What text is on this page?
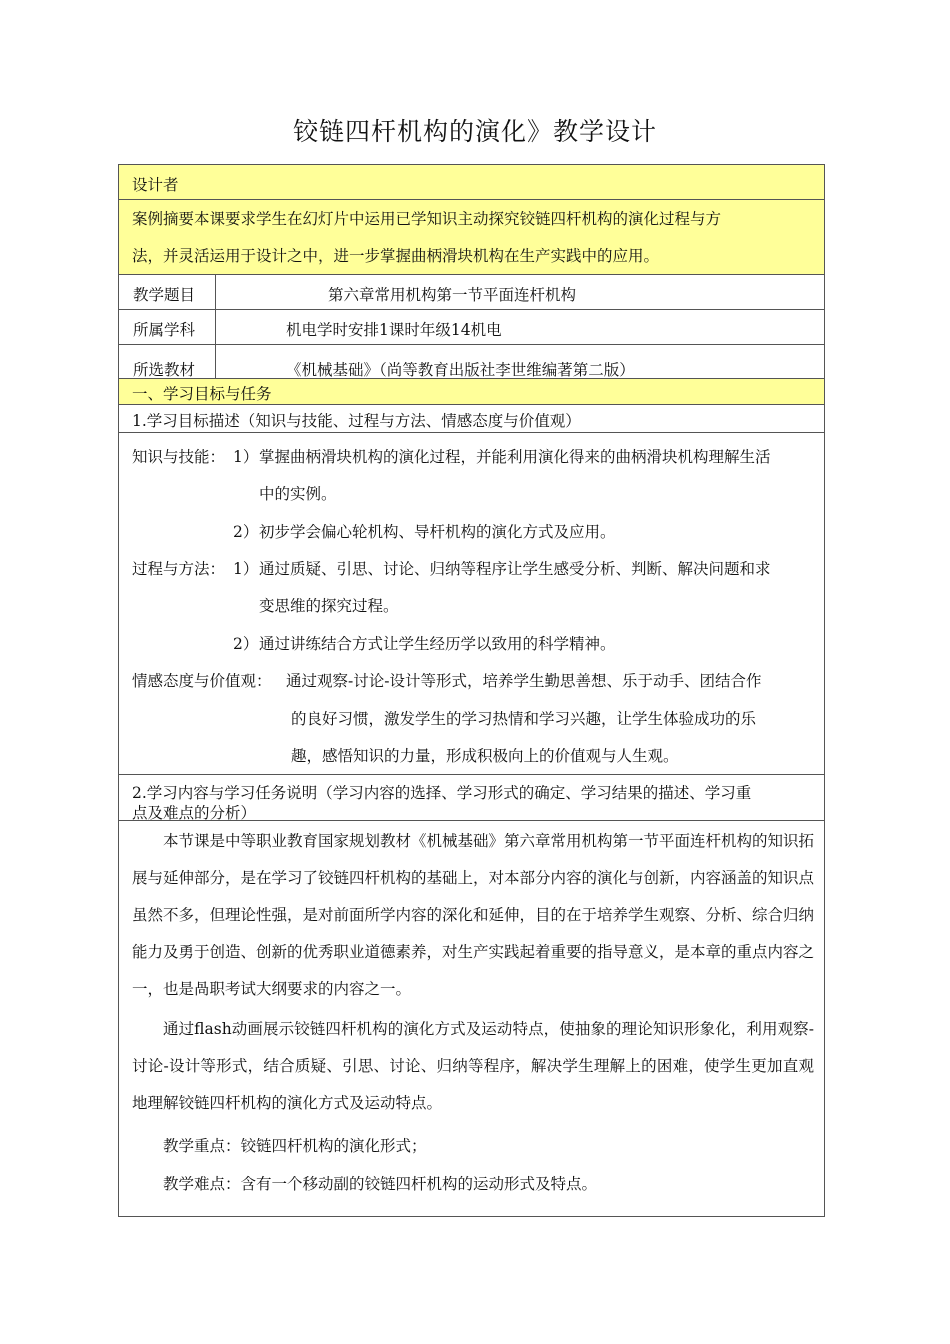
铰链四杆机构的演化》教学设计
设计者
案例摘要本课要求学生在幻灯片中运用已学知识主动探究铰链四杆机构的演化过程与方
法，并灵活运用于设计之中，进一步掌握曲柄滑块机构在生产实践中的应用。
教学题目	第六章常用机构第一节平面连杆机构
所属学科	机电学时安排1课时年级14机电
所选教材	《机械基础》（尚等教育出版社李世维编著第二版）
一、学习目标与任务
1.学习目标描述（知识与技能、过程与方法、情感态度与价值观）
知识与技能： 1） 掌握曲柄滑块机构的演化过程，并能利用演化得来的曲柄滑块机构理解生活
中的实例。
2） 初步学会偏心轮机构、导杆机构的演化方式及应用。
过程与方法： 1） 通过质疑、引思、讨论、归纳等程序让学生感受分析、判断、解决问题和求
变思维的探究过程。
2） 通过讲练结合方式让学生经历学以致用的科学精神。
情感态度与价值观： 通过观察-讨论-设计等形式，培养学生勤思善想、乐于动手、团结合作
的良好习惯，激发学生的学习热情和学习兴趣，让学生体验成功的乐
趣，感悟知识的力量，形成积极向上的价值观与人生观。
2.学习内容与学习任务说明（学习内容的选择、学习形式的确定、学习结果的描述、学习重
点及难点的分析）
本节课是中等职业教育国家规划教材《机械基础》第六章常用机构第一节平面连杆机构的知识拓展与延伸部分，是在学习了铰链四杆机构的基础上，对本部分内容的演化与创新，内容涵盖的知识点虽然不多，但理论性强，是对前面所学内容的深化和延伸，目的在于培养学生观察、分析、综合归纳能力及勇于创造、创新的优秀职业道德素养，对生产实践起着重要的指导意义，是本章的重点内容之一，也是咼职考试大纲要求的内容之一。
通过flash动画展示铰链四杆机构的演化方式及运动特点，使抽象的理论知识形象化，利用观察-讨论-设计等形式，结合质疑、引思、讨论、归纳等程序，解决学生理解上的困难，使学生更加直观地理解铰链四杆机构的演化方式及运动特点。
教学重点：铰链四杆机构的演化形式；
教学难点：含有一个移动副的铰链四杆机构的运动形式及特点。
